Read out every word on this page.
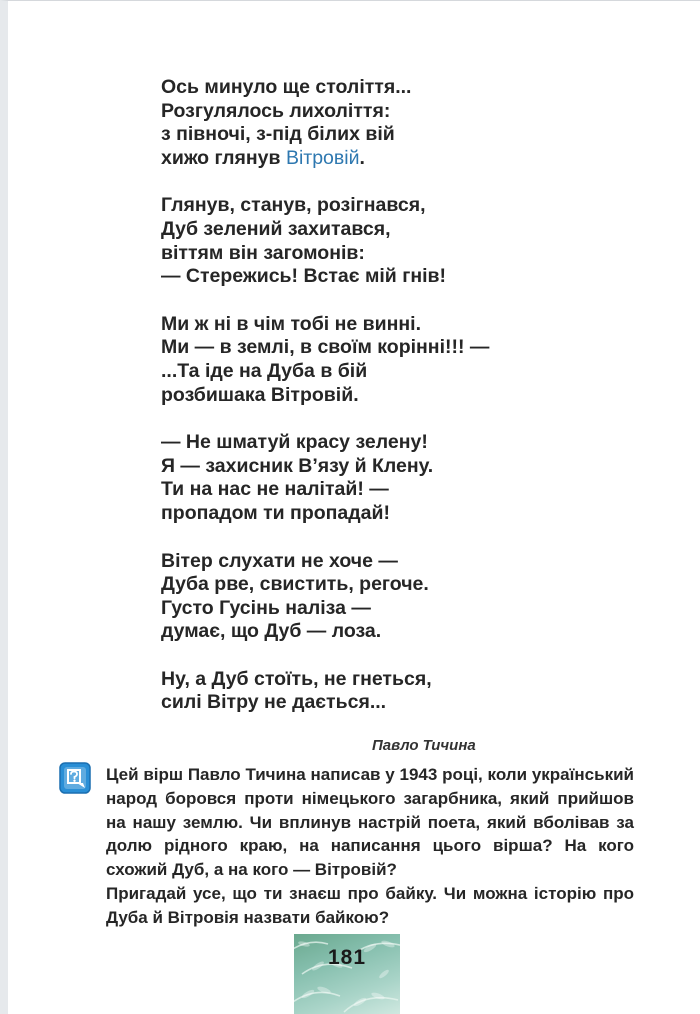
Ось минуло ще століття...
Розгулялось лихоліття:
з півночі, з-під білих вій
хижо глянув Вітровій.
Глянув, станув, розігнався,
Дуб зелений захитався,
віттям він загомонів:
— Стережись! Встає мій гнів!
Ми ж ні в чім тобі не винні.
Ми — в землі, в своїм корінні!!! —
...Та іде на Дуба в бій
розбишака Вітровій.
— Не шматуй красу зелену!
Я — захисник В’язу й Клену.
Ти на нас не налітай! —
пропадом ти пропадай!
Вітер слухати не хоче —
Дуба рве, свистить, регоче.
Густо Гусінь наліза —
думає, що Дуб — лоза.
Ну, а Дуб стоїть, не гнеться,
силі Вітру не дається...
Павло Тичина

Цей вірш Павло Тичина написав у 1943 році, коли український народ боровся проти німецького загарбника, який прийшов на нашу землю. Чи вплинув настрій поета, який вболівав за долю рідного краю, на написання цього вірша? На кого схожий Дуб, а на кого — Вітровій?

Пригадай усе, що ти знаєш про байку. Чи можна історію про Дуба й Вітровія назвати байкою?

181
